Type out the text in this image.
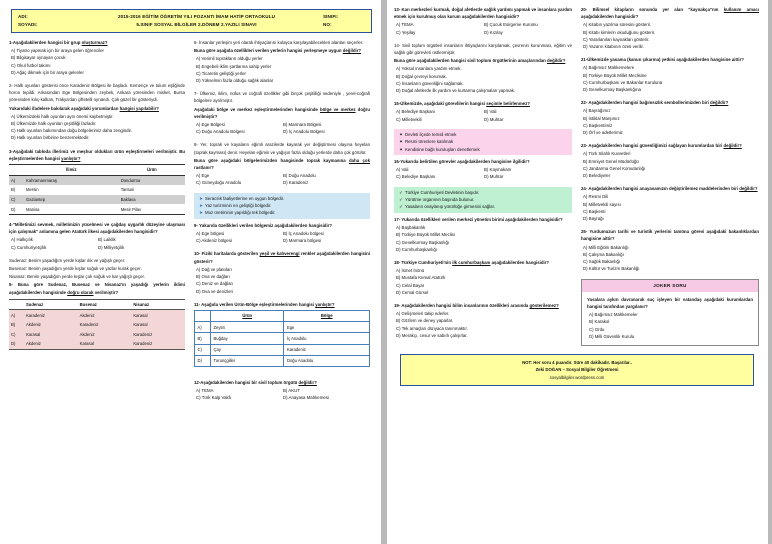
ADI:	2015-2016 EĞİTİM ÖĞRETİM YILI POZANTI İMAM HATİP ORTAOKULU	SINIFI:
SOYADI:	5.SINIF SOSYAL BİLGİLER 2.DÖNEM 2.YAZILI SINAVI	NO:
1-Aşağıdakilerden hangisi bir grup oluşturmaz?
A) Tiyatro yapmak için bir araya gelen öğrenciler
B) Bilgisayar oynayan çocuk
C) Okul futbol takımı
D) Ağaç dikmek için bir araya gelenler
2- Halk oyunları gösterisi önce Karadeniz Bölgesi ile başladı. Kemençe ve tulum eşliğinde horon tepildi. Arkasından Ege Bölgesinden zeybek, Ankara yöresinden misket, Bursa yöresinden kılıç-kalkan, Trakya'dan çiftetelli oynandı. Çok güzel bir gösteriydi.
Yukarıdaki ifadelere bakılarak aşağıdaki yorumlardan hangisi yapılabilir?
A) Ülkemizdeki halk oyunları aynı önemi kaybetmiştir.
B) Ülkemizde halk oyunları çeşitliliği fazladır.
C) Halk oyunları bakımından doğu bölgelerimiz daha zengindir.
D) Halk oyunları birbirine benzemektedir.
3-Aşağıdaki tabloda illerimiz ve meşhur oldukları ürün eşleştirmeleri verilmiştir. Bu eşleştirmelerden hangisi yanlıştır?
	İlimiz	Ürün
A)	Kahramanmaraş	Dondurma
B)	Mersin	Tantuni
C)	Gaziantep	Baklava
D)	Manisa	Mesir Pilav
4-"Milletimizi sevmek, milletimizin yücelmesi ve çağdaş uygarlık düzeyine ulaşması için çalışmak" anlamına gelen Atatürk ilkesi aşağıdakilerden hangisidir?
A) Halkçılık	B) Laiklik
C) Cumhuriyetçilik	D) Milliyetçilik
Sudenaz: Benim yaşadığım yerde kışlar ılık ve yağışlı geçer.
Busenaz: Benim yaşadığım yerde kışlar soğuk ve yazlar kurak geçer.
Nisanaz: Benim yaşadığım yerde kışlar çok soğuk ve kar yağışlı geçer.
5- Buna göre Sudenaz, Busenaz ve Nisanaz'ın yaşadığı yerlerin iklimi aşağıdakilerden hangisinde doğru olarak verilmiştir?
	Sudenaz	Busenaz	Nisanaz
A)	Karadeniz	Akdeniz	Karasal
B)	Akdeniz	Karadeniz	Karasal
C)	Karasal	Akdeniz	Karadeniz
D)	Akdeniz	Karasal	Karadeniz
6- İnsanlar yerleşim yeri olarak ihtiyaçlarını kolayca karşılayabilecekleri alanları seçerler.
Buna göre aşağıda özellikleri verilen yerlerin hangisi yerleşmeye uygun değildir?
A) Verimli toprakların olduğu yerler
B) Engebeli iklim şartlarına sahip yerler
C) Ticaretin geliştiği yerler
D) Yükselmin fazla olduğu sağlık alanlar
7- Ülkemiz, iklim, nüfus ve coğrafi özellikler gibi birçok çeşitliliği nedeniyle , yerel-coğrafi bölgelere ayrılmıştır.
Aşağıdaki bölge ve merkez eşleştirmelerinden hangisinde bölge ve merkez doğru verilmiştir?
A) Ege Bölgesi	B) Marmara Bölgesi
C) Doğu Anadolu Bölgesi	D) İç Anadolu Bölgesi
8- Yer, toprak ve kayaların eğimli arazilerde kayarak yer değiştirmesi olayına heyelan (toprak kayması) denir. Heyelan eğimin ve yağışın fazla olduğu yerlerde daha çok görülür.
Buna göre aşağıdaki bölgelerimizden hangisinde toprak kaymasına daha çok rastlanır?
A) Ege	B) Doğu Anadolu
C) Güneydoğu Anadolu	D) Karadeniz
➤ Seracılık faaliyetlerine en uygun bölgedir.
➤ Yaz turizminin en geliştiği bölgedir.
➤ Muz üretiminin yapıldığı tek bölgedir.
9- Yukarıda özellikleri verilen bölgemiz aşağıdakilerden hangisidir?
A) Ege bölgesi	B) İç Anadolu bölgesi
C) Akdeniz bölgesi	D) Marmara bölgesi
10- Fiziki haritalarda gösterilen yeşil ve kahverengi renkler aşağıdakilerden hangisini gösterir?
A) Dağ ve platoları
B) Ova ve dağları
C) Deniz ve dağları
D) Ova ve denizleri
11- Aşağıda verilen Ürün-Bölge eşleştirmelerinden hangisi yanlıştır?
	Ürün	Bölge
A)	Zeytin	Ege
B)	Buğday	İç Anadolu
C)	Çay	Karadeniz
D)	Turunçgiller	Doğu Anadolu
12-Aşağıdakilerden hangisi bir sivil toplum örgütü değildir?
A) TEMA	B) AKUT
C) Türk Kalp Vakfı	D) Anayasa Mahkemesi
13- Kan merkezleri kurmak, doğal afetlerde sağlık yardımı yapmak ve insanlara yardım etmek için kurulmuş olan kurum aşağıdakilerden hangisidir?
A) TEMA	B) Çocuk Esirgeme Kurumu
C) Yeşilay	D) Kızılay
14- Sivil toplum örgütleri insanların ihtiyaçlarını karşılamak, çevrenin korunması, eğitim ve sağlık gibi görevleri üstlenmiştir.
Buna göre aşağıdakilerden hangisi sivil toplum örgütlerinin amaçlarından değildir?
A) Yoksul insanlara yardım etmek.
B) Doğal çevreyi korumak.
C) İnsanların güvenliğini sağlamak.
D) Doğal afetlerde ilk yardım ve kurtarma çalışmaları yapmak.
15-Ülkemizde, aşağıdaki görevlilerin hangisi seçimle belirlenmez?
A) Belediye Başkanı	B) Vali
C) Milletvekili	D) Muhtar
✦ Devleti ilçede temsil etmek
✦ Resmi törenlere katılmak
✦ Kendisine bağlı kuruluşları denetlemek
16-Yukarıda belirtilen görevler aşağıdakilerden hangisine ilgilidir?
A) Vali	B) Kaymakam
C) Belediye Başkanı	D) Muhtar
✓ Türkiye Cumhuriyeti Devletinin başıdır.
✓ Yürütme organının başında bulunur.
✓ Yasaların onaylanıp yürürlüğe girmesini sağlar.
17- Yukarıda özellikleri verilen merkezi yönetim birimi aşağıdakilerden hangisidir?
A) Başbakanlık
B) Türkiye Büyük Millet Meclisi
C) Genelkurmay Başkanlığı
D) Cumhurbaşkanlığı
18- Türkiye Cumhuriyeti'nin ilk cumhurbaşkanı aşağıdakilerden hangisidir?
A) İsmet İnönü
B) Mustafa Kemal Atatürk
C) Celal Bayar
D) Cemal Gürsel
19- Aşağıdakilerden hangisi bilim insanlarının özellikleri arasında gösterilemez?
A) Gelişmeleri takip ederler.
B) Gözlem ve deney yaparlar.
C) Tek amaçları dünyaca tanınmaktır.
D) Merakçı, cesur ve sabırlı çalışırlar.
20- Bilimsel kitapların sonunda yer alan "kaynakça"nın kullanım amacı aşağıdakilerden hangisidir?
A) Kitabın yazılma süresini gösterir.
B) Kitabı kimlerin okuduğunu gösterir.
C) Yararlanılan kaynakları gösterir.
D) Yazarın kitabının özeti verilir.
21-Ülkemizde yasama (kanun çıkarma) yetkisi aşağıdakilerden hangisine aittir?
A) Bağımsız Mahkemelere
B) Türkiye Büyük Millet Meclisine
C) Cumhurbaşkanı ve Bakanlar Kuruluna
D) Genelkurmay Başkanlığına
22- Aşağıdakilerden hangisi bağımsızlık sembollerimizden biri değildir?
A) Bayrağımız
B) İstiklal Marşımız
C) Başkentimiz
D) Örf ve adetlerimiz
23- Aşağıdakilerden hangisi güvenliğimizi sağlayan kurumlardan biri değildir?
A) Türk Silahlı Kuvvetleri
B) Emniyet Genel Müdürlüğü
C) Jandarma Genel Komutanlığı
D) Belediyeler
24- Aşağıdakilerden hangisi anayasamızın değiştirilemez maddelerinden biri değildir?
A) Resmi Dili
B) Milletvekili sayısı
C) Başkenti
D) Bayrağı
25- Yurdumuzun tarihi ve turistik yerlerini tanıtma görevi aşağıdaki bakanlıklardan hangisine aittir?
A) Milli Eğitim Bakanlığı
B) Çalışma Bakanlığı
C) Sağlık Bakanlığı
D) Kültür ve Turizm Bakanlığı
JOKER SORU
Yasalara aykırı davranarak suç işleyen bir vatandaş aşağıdaki kurumlardan hangisi tarafından yargılanır?
A) Bağımsız Mahkemeler
B) Karakol
C) Ordu
D) Milli Güvenlik Kurulu
NOT: Her soru 4 puandır. Süre 40 dakikadır. Başarılar..
Zeki DOĞAN – Sosyal Bilgiler Öğretmeni
sosyalbilgiler.wordpress.com
